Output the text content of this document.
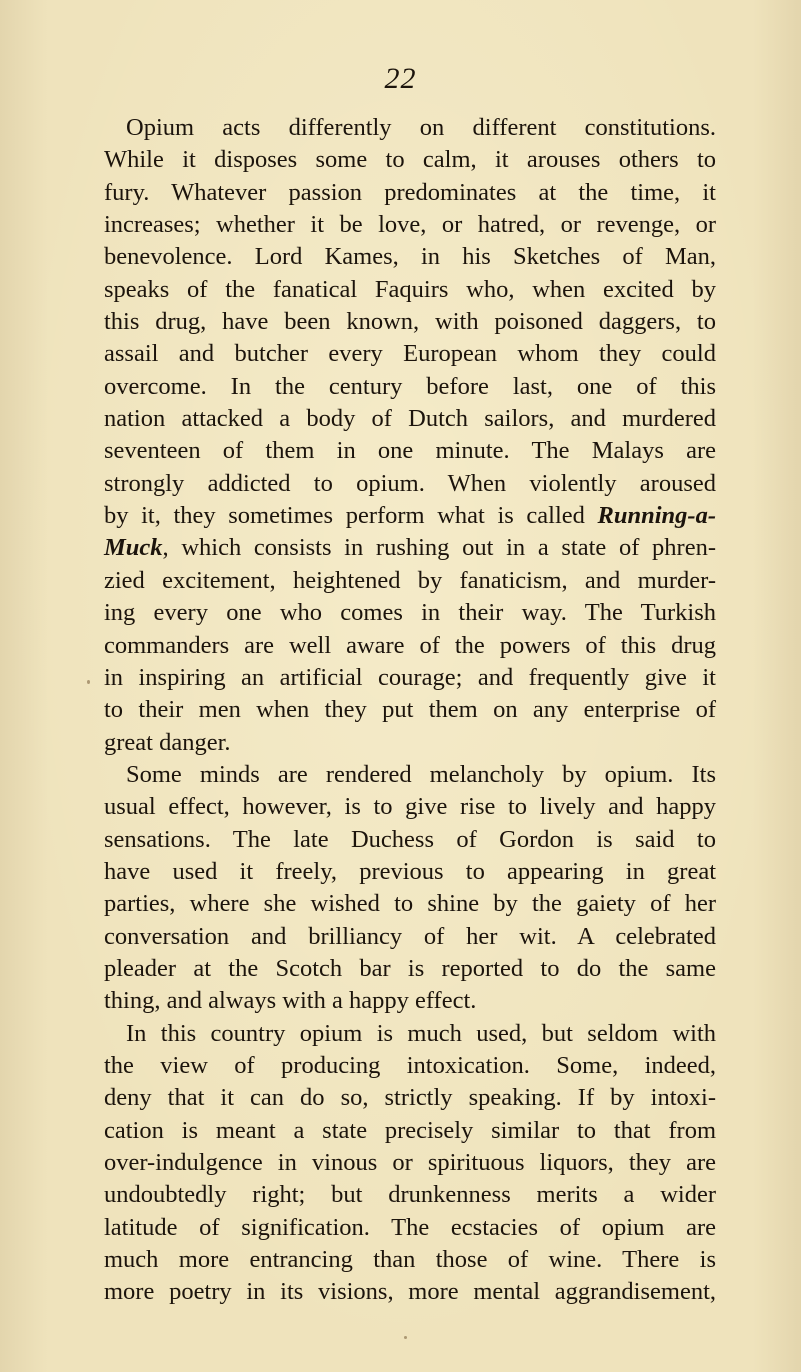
22
Opium acts differently on different constitutions.
While it disposes some to calm, it arouses others to
fury. Whatever passion predominates at the time, it
increases; whether it be love, or hatred, or revenge, or
benevolence. Lord Kames, in his Sketches of Man,
speaks of the fanatical Faquirs who, when excited by
this drug, have been known, with poisoned daggers, to
assail and butcher every European whom they could
overcome. In the century before last, one of this
nation attacked a body of Dutch sailors, and murdered
seventeen of them in one minute. The Malays are
strongly addicted to opium. When violently aroused
by it, they sometimes perform what is called Running-a-
Muck, which consists in rushing out in a state of phren-
zied excitement, heightened by fanaticism, and murder-
ing every one who comes in their way. The Turkish
commanders are well aware of the powers of this drug
in inspiring an artificial courage; and frequently give it
to their men when they put them on any enterprise of
great danger.
Some minds are rendered melancholy by opium. Its
usual effect, however, is to give rise to lively and happy
sensations. The late Duchess of Gordon is said to
have used it freely, previous to appearing in great
parties, where she wished to shine by the gaiety of her
conversation and brilliancy of her wit. A celebrated
pleader at the Scotch bar is reported to do the same
thing, and always with a happy effect.
In this country opium is much used, but seldom with
the view of producing intoxication. Some, indeed,
deny that it can do so, strictly speaking. If by intoxi-
cation is meant a state precisely similar to that from
over-indulgence in vinous or spirituous liquors, they are
undoubtedly right; but drunkenness merits a wider
latitude of signification. The ecstacies of opium are
much more entrancing than those of wine. There is
more poetry in its visions, more mental aggrandisement,
